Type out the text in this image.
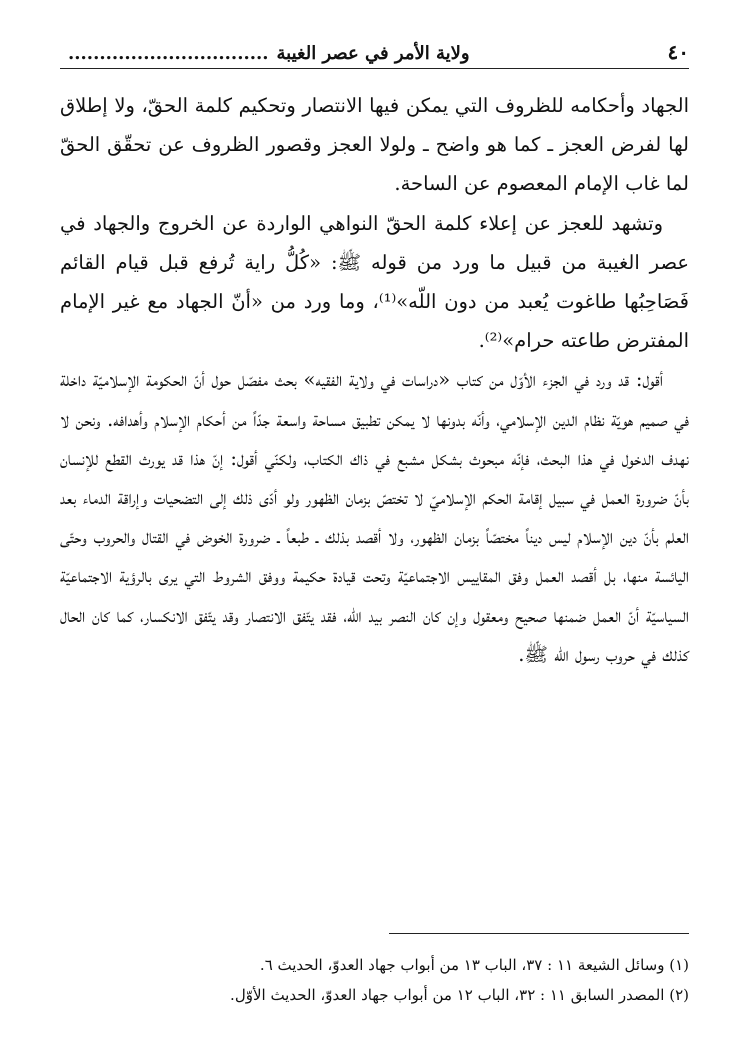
٤٠
ولاية الأمر في عصر الغيبة................................

الجهاد وأحكامه للظروف التي يمكن فيها الانتصار وتحكيم كلمة الحقّ، ولا إطلاق لها لفرض العجز ـ كما هو واضح ـ ولولا العجز وقصور الظروف عن تحقّق الحقّ لما غاب الإمام المعصوم عن الساحة.

وتشهد للعجز عن إعلاء كلمة الحقّ النواهي الواردة عن الخروج والجهاد في عصر الغيبة من قبيل ما ورد من قوله ﷺ: «كُلُّ راية تُرفع قبل قيام القائم فَصَاحِبُها طاغوت يُعبد من دون اللّه»⁽¹⁾، وما ورد من «أنّ الجهاد مع غير الإمام المفترض طاعته حرام»⁽²⁾.

أقول: قد ورد في الجزء الأوّل من كتاب «دراسات في ولاية الفقيه» بحث مفصّل حول أنّ الحكومة الإسلاميّة داخلة في صميم هويّة نظام الدين الإسلامي، وأنّه بدونها لا يمكن تطبيق مساحة واسعة جدّاً من أحكام الإسلام وأهدافه. ونحن لا نهدف الدخول في هذا البحث، فإنّه مبحوث بشكل مشبع في ذاك الكتاب، ولكنّي أقول: إنّ هذا قد يورث القطع للإنسان بأنّ ضرورة العمل في سبيل إقامة الحكم الإسلاميّ لا تختصّ بزمان الظهور ولو أدّى ذلك إلى التضحيات وإراقة الدماء بعد العلم بأنّ دين الإسلام ليس ديناً مختصّاً بزمان الظهور، ولا أقصد بذلك ـ طبعاً ـ ضرورة الخوض في القتال والحروب وحتّى اليائسة منها، بل أقصد العمل وفق المقاييس الاجتماعيّة وتحت قيادة حكيمة ووفق الشروط التي يرى بالرؤية الاجتماعيّة السياسيّة أنّ العمل ضمنها صحيح ومعقول وإن كان النصر بيد اللّه، فقد يتّفق الانتصار وقد يتّفق الانكسار، كما كان الحال كذلك في حروب رسول اللّه ﷺ.

(١) وسائل الشيعة ١١ : ٣٧، الباب ١٣ من أبواب جهاد العدوّ، الحديث ٦.
(٢) المصدر السابق ١١ : ٣٢، الباب ١٢ من أبواب جهاد العدوّ، الحديث الأوّل.
